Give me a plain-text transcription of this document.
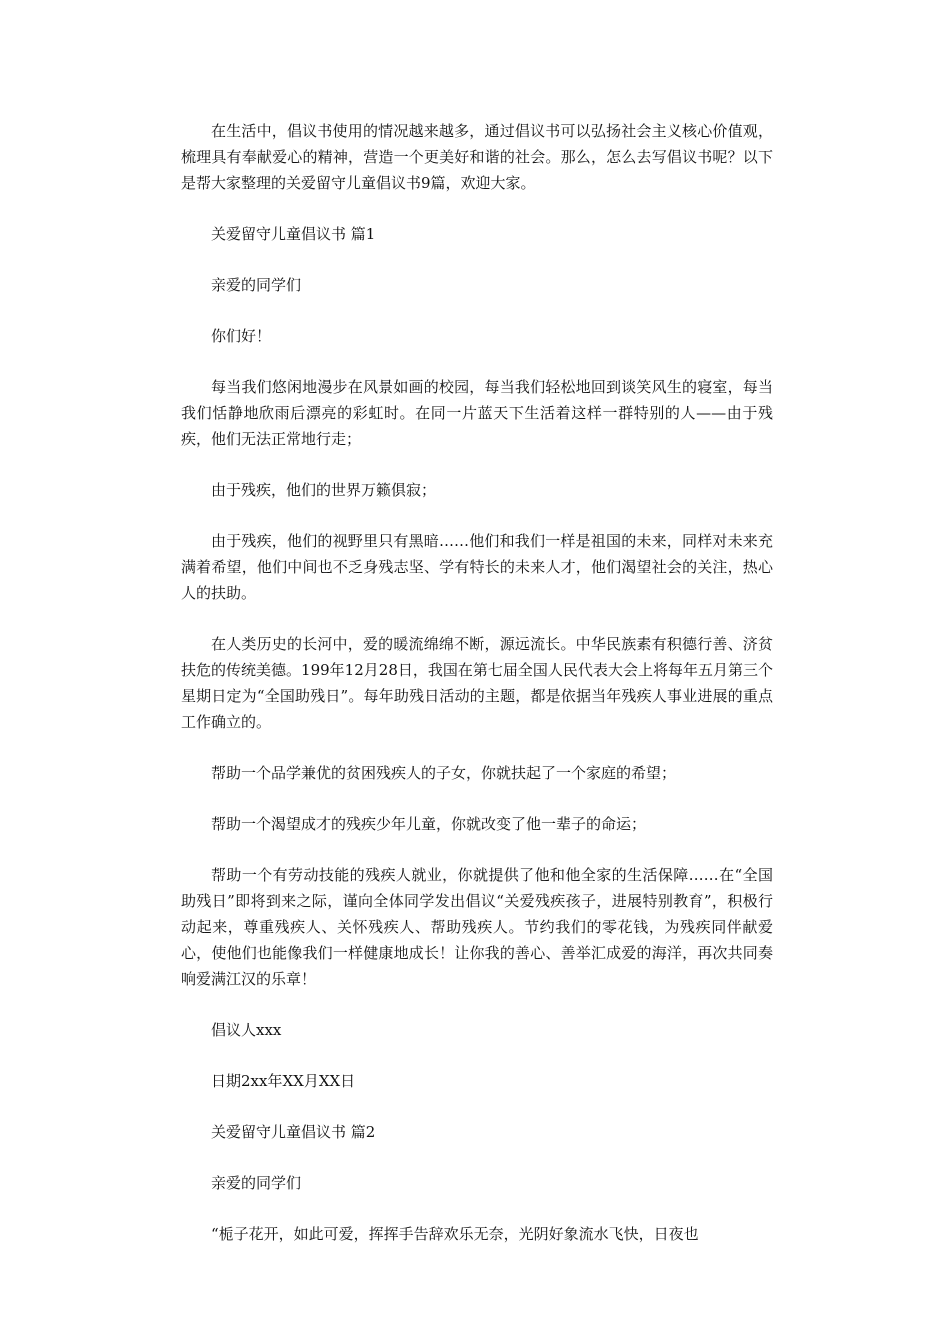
在生活中，倡议书使用的情况越来越多，通过倡议书可以弘扬社会主义核心价值观，梳理具有奉献爱心的精神，营造一个更美好和谐的社会。那么，怎么去写倡议书呢？以下是帮大家整理的关爱留守儿童倡议书9篇，欢迎大家。

关爱留守儿童倡议书 篇1

亲爱的同学们

你们好！

每当我们悠闲地漫步在风景如画的校园，每当我们轻松地回到谈笑风生的寝室，每当我们恬静地欣雨后漂亮的彩虹时。在同一片蓝天下生活着这样一群特别的人——由于残疾，他们无法正常地行走；

由于残疾，他们的世界万籁俱寂；

由于残疾，他们的视野里只有黑暗……他们和我们一样是祖国的未来，同样对未来充满着希望，他们中间也不乏身残志坚、学有特长的未来人才，他们渴望社会的关注，热心人的扶助。

在人类历史的长河中，爱的暖流绵绵不断，源远流长。中华民族素有积德行善、济贫扶危的传统美德。199年12月28日，我国在第七届全国人民代表大会上将每年五月第三个星期日定为“全国助残日”。每年助残日活动的主题，都是依据当年残疾人事业进展的重点工作确立的。

帮助一个品学兼优的贫困残疾人的子女，你就扶起了一个家庭的希望；

帮助一个渴望成才的残疾少年儿童，你就改变了他一辈子的命运；

帮助一个有劳动技能的残疾人就业，你就提供了他和他全家的生活保障……在“全国助残日”即将到来之际，谨向全体同学发出倡议“关爱残疾孩子，进展特别教育”，积极行动起来，尊重残疾人、关怀残疾人、帮助残疾人。节约我们的零花钱，为残疾同伴献爱心，使他们也能像我们一样健康地成长！让你我的善心、善举汇成爱的海洋，再次共同奏响爱满江汉的乐章！

倡议人xxx

日期2xx年XX月XX日

关爱留守儿童倡议书 篇2

亲爱的同学们

“栀子花开，如此可爱，挥挥手告辞欢乐无奈，光阴好象流水飞快，日夜也
